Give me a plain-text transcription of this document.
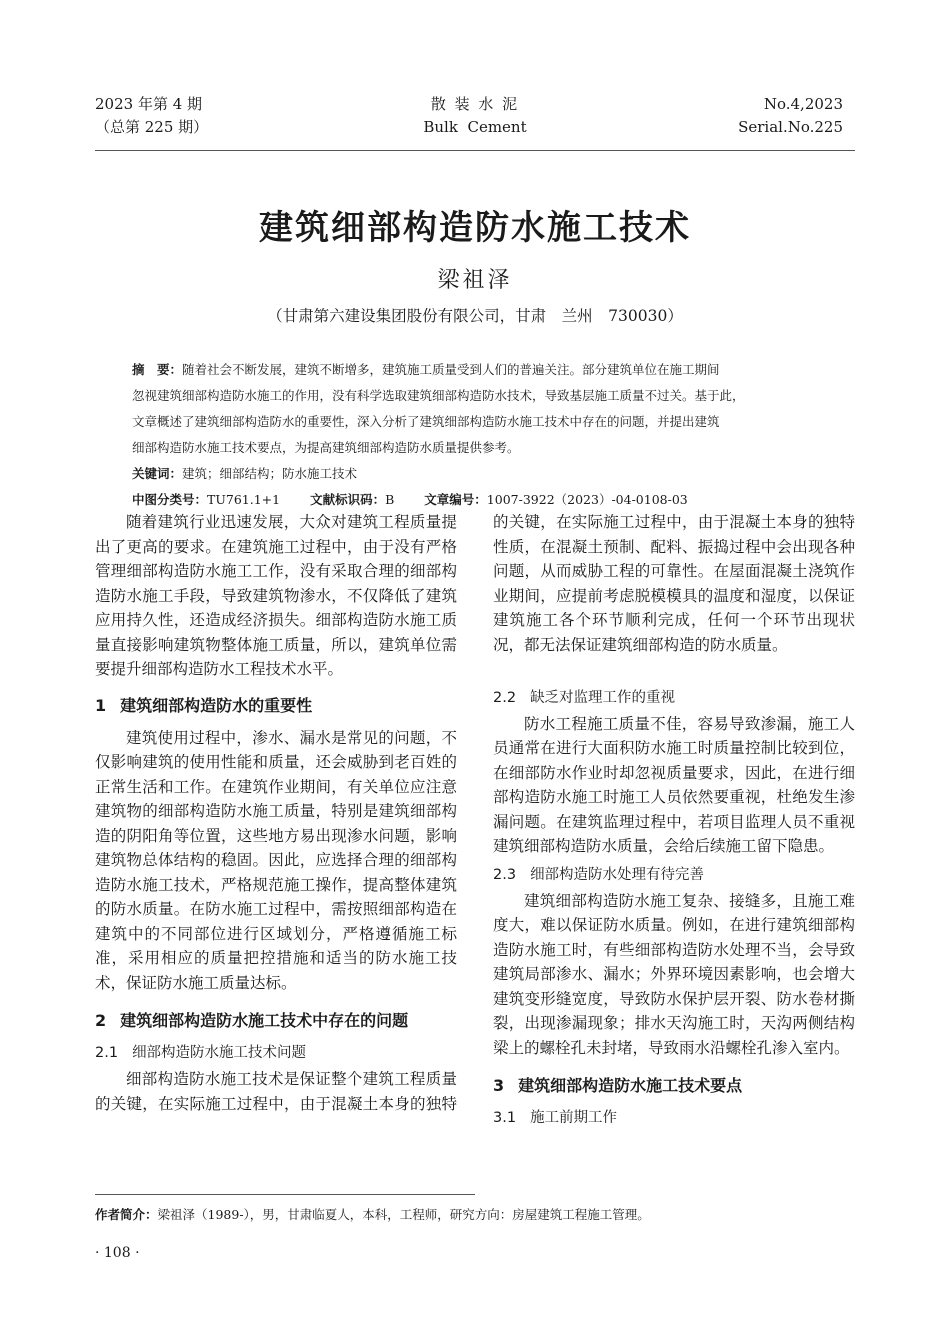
2023 年第 4 期
（总第 225 期）
散 装 水 泥
Bulk  Cement
No.4,2023
Serial.No.225
建筑细部构造防水施工技术
梁祖泽
（甘肃第六建设集团股份有限公司，甘肃　兰州　730030）
摘　要：随着社会不断发展，建筑不断增多，建筑施工质量受到人们的普遍关注。部分建筑单位在施工期间
忽视建筑细部构造防水施工的作用，没有科学选取建筑细部构造防水技术，导致基层施工质量不过关。基于此，
文章概述了建筑细部构造防水的重要性，深入分析了建筑细部构造防水施工技术中存在的问题，并提出建筑
细部构造防水施工技术要点，为提高建筑细部构造防水质量提供参考。
关键词：建筑；细部结构；防水施工技术
中图分类号：TU761.1+1 文献标识码：B 文章编号：1007-3922（2023）-04-0108-03

随着建筑行业迅速发展，大众对建筑工程质量提出了更高的要求。在建筑施工过程中，由于没有严格管理细部构造防水施工工作，没有采取合理的细部构造防水施工手段，导致建筑物渗水，不仅降低了建筑应用持久性，还造成经济损失。细部构造防水施工质量直接影响建筑物整体施工质量，所以，建筑单位需要提升细部构造防水工程技术水平。

1 建筑细部构造防水的重要性

建筑使用过程中，渗水、漏水是常见的问题，不仅影响建筑的使用性能和质量，还会威胁到老百姓的正常生活和工作。在建筑作业期间，有关单位应注意建筑物的细部构造防水施工质量，特别是建筑细部构造的阴阳角等位置，这些地方易出现渗水问题，影响建筑物总体结构的稳固。因此，应选择合理的细部构造防水施工技术，严格规范施工操作，提高整体建筑的防水质量。在防水施工过程中，需按照细部构造在建筑中的不同部位进行区域划分，严格遵循施工标准，采用相应的质量把控措施和适当的防水施工技术，保证防水施工质量达标。

2 建筑细部构造防水施工技术中存在的问题
2.1 细部构造防水施工技术问题

细部构造防水施工技术是保证整个建筑工程质量的关键，在实际施工过程中，由于混凝土本身的独特

的关键，在实际施工过程中，由于混凝土本身的独特性质，在混凝土预制、配料、振捣过程中会出现各种问题，从而威胁工程的可靠性。在屋面混凝土浇筑作业期间，应提前考虑脱模模具的温度和湿度，以保证建筑施工各个环节顺利完成，任何一个环节出现状况，都无法保证建筑细部构造的防水质量。

2.2 缺乏对监理工作的重视

防水工程施工质量不佳，容易导致渗漏，施工人员通常在进行大面积防水施工时质量控制比较到位，在细部防水作业时却忽视质量要求，因此，在进行细部构造防水施工时施工人员依然要重视，杜绝发生渗漏问题。在建筑监理过程中，若项目监理人员不重视建筑细部构造防水质量，会给后续施工留下隐患。

2.3 细部构造防水处理有待完善

建筑细部构造防水施工复杂、接缝多，且施工难度大，难以保证防水质量。例如，在进行建筑细部构造防水施工时，有些细部构造防水处理不当，会导致建筑局部渗水、漏水；外界环境因素影响，也会增大建筑变形缝宽度，导致防水保护层开裂、防水卷材撕裂，出现渗漏现象；排水天沟施工时，天沟两侧结构梁上的螺栓孔未封堵，导致雨水沿螺栓孔渗入室内。

3 建筑细部构造防水施工技术要点
3.1 施工前期工作
作者简介：梁祖泽（1989-），男，甘肃临夏人，本科，工程师，研究方向：房屋建筑工程施工管理。
· 108 ·
